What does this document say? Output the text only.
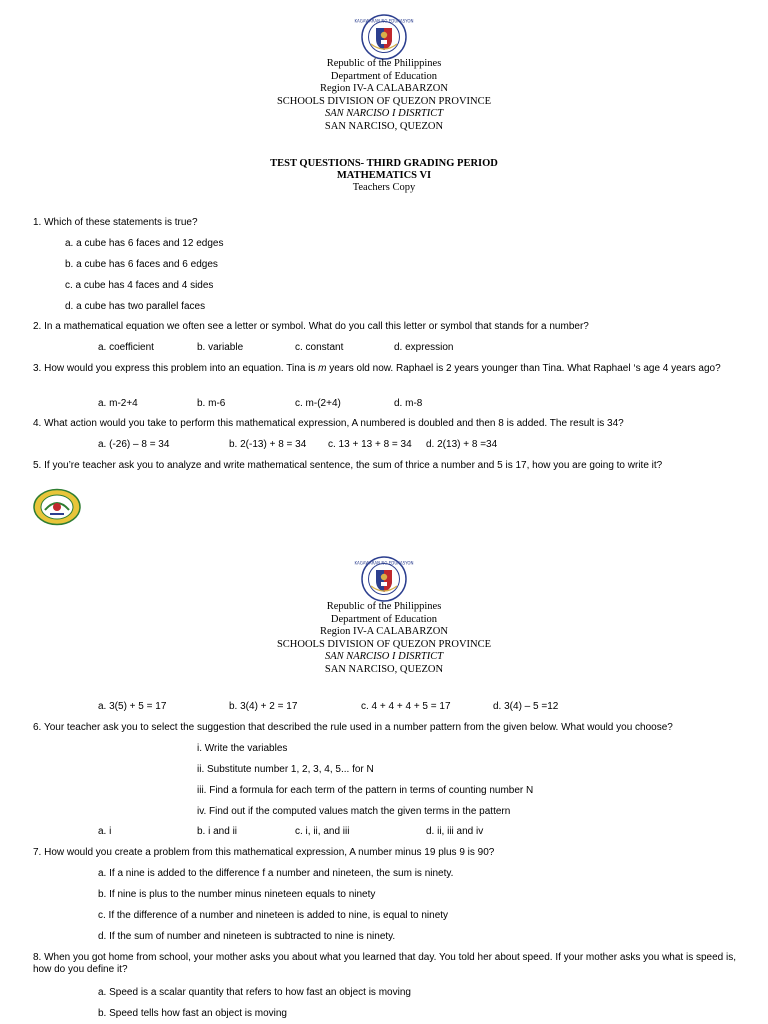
KAGAWARAN NG EDUKASYON
Republic of the Philippines
Department of Education
Region IV-A CALABARZON
SCHOOLS DIVISION OF QUEZON PROVINCE
SAN NARCISO I DISRTICT
SAN NARCISO, QUEZON
TEST QUESTIONS- THIRD GRADING PERIOD
MATHEMATICS VI
Teachers Copy
1. Which of these statements is true?
a. a cube has 6 faces and 12 edges
b. a cube has 6 faces and 6 edges
c. a cube has 4 faces and 4 sides
d. a cube has two parallel faces
2. In a mathematical equation we often see a letter or symbol. What do you call this letter or symbol that stands for a number?
a. coefficient	b. variable	c. constant	d. expression
3. How would you express this problem into an equation. Tina is m years old now. Raphael is 2 years younger than Tina. What Raphael ‘s age 4 years ago?
a. m-2+4	b. m-6	c. m-(2+4)	d. m-8
4. What action would you take to perform this mathematical expression, A numbered is doubled and then 8 is added. The result is 34?
a. (-26) – 8 = 34	b. 2(-13) + 8 = 34 c. 13 + 13 + 8 = 34 d. 2(13) + 8 =34
5. If you’re teacher ask you to analyze and write mathematical sentence, the sum of thrice a number and 5 is 17, how you are going to write it?
KAGAWARAN NG EDUKASYON
Republic of the Philippines
Department of Education
Region IV-A CALABARZON
SCHOOLS DIVISION OF QUEZON PROVINCE
SAN NARCISO I DISRTICT
SAN NARCISO, QUEZON
a. 3(5) + 5 = 17	b. 3(4) + 2 = 17	c. 4 + 4 + 4 + 5 = 17	d. 3(4) – 5 =12
6. Your teacher ask you to select the suggestion that described the rule used in a number pattern from the given below. What would you choose?
i. Write the variables
ii. Substitute number 1, 2, 3, 4, 5... for N
iii. Find a formula for each term of the pattern in terms of counting number N
iv. Find out if the computed values match the given terms in the pattern
a. i	b. i and ii	c. i, ii, and iii	d. ii, iii and iv
7. How would you create a problem from this mathematical expression, A number minus 19 plus 9 is 90?
a. If a nine is added to the difference f a number and nineteen, the sum is ninety.
b. If nine is plus to the number minus nineteen equals to ninety
c. If the difference of a number and nineteen is added to nine, is equal to ninety
d. If the sum of number and nineteen is subtracted to nine is ninety.
8. When you got home from school, your mother asks you about what you learned that day. You told her about speed. If your mother asks you what is speed is, how do you define it?
a. Speed is a scalar quantity that refers to how fast an object is moving
b. Speed tells how fast an object is moving
